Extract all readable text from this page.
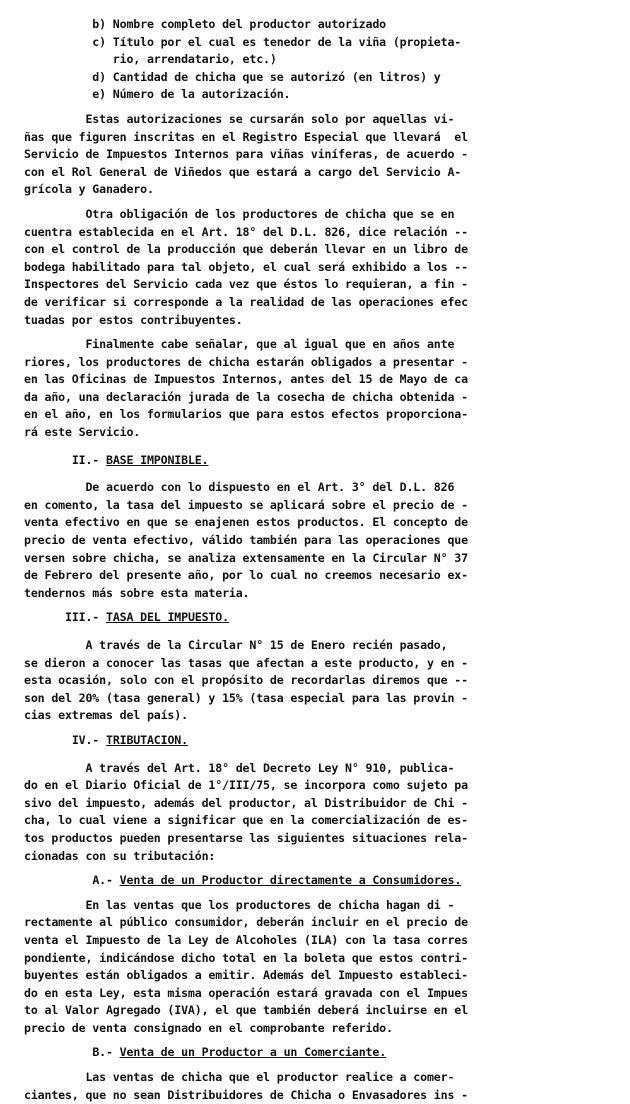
b) Nombre completo del productor autorizado
c) Título por el cual es tenedor de la viña (propieta-
rio, arrendatario, etc.)
d) Cantidad de chicha que se autorizó (en litros) y
e) Número de la autorización.
Estas autorizaciones se cursarán solo por aquellas vi-
ñas que figuren inscritas en el Registro Especial que llevará  el
Servicio de Impuestos Internos para viñas viníferas, de acuerdo -
con el Rol General de Viñedos que estará a cargo del Servicio A-
grícola y Ganadero.
Otra obligación de los productores de chicha que se en
cuentra establecida en el Art. 18° del D.L. 826, dice relación --
con el control de la producción que deberán llevar en un libro de
bodega habilitado para tal objeto, el cual será exhibido a los --
Inspectores del Servicio cada vez que éstos lo requieran, a fin -
de verificar si corresponde a la realidad de las operaciones efec
tuadas por estos contribuyentes.
Finalmente cabe señalar, que al igual que en años ante
riores, los productores de chicha estarán obligados a presentar -
en las Oficinas de Impuestos Internos, antes del 15 de Mayo de ca
da año, una declaración jurada de la cosecha de chicha obtenida -
en el año, en los formularios que para estos efectos proporciona-
rá este Servicio.
II.- BASE IMPONIBLE.
De acuerdo con lo dispuesto en el Art. 3° del D.L. 826
en comento, la tasa del impuesto se aplicará sobre el precio de -
venta efectivo en que se enajenen estos productos. El concepto de
precio de venta efectivo, válido también para las operaciones que
versen sobre chicha, se analiza extensamente en la Circular N° 37
de Febrero del presente año, por lo cual no creemos necesario ex-
tendernos más sobre esta materia.
III.- TASA DEL IMPUESTO.
A través de la Circular N° 15 de Enero recién pasado,
se dieron a conocer las tasas que afectan a este producto, y en -
esta ocasión, solo con el propósito de recordarlas diremos que --
son del 20% (tasa general) y 15% (tasa especial para las provin -
cias extremas del país).
IV.- TRIBUTACION.
A través del Art. 18° del Decreto Ley N° 910, publica-
do en el Diario Oficial de 1°/III/75, se incorpora como sujeto pa
sivo del impuesto, además del productor, al Distribuidor de Chi -
cha, lo cual viene a significar que en la comercialización de es-
tos productos pueden presentarse las siguientes situaciones rela-
cionadas con su tributación:
A.- Venta de un Productor directamente a Consumidores.
En las ventas que los productores de chicha hagan di -
rectamente al público consumidor, deberán incluir en el precio de
venta el Impuesto de la Ley de Alcoholes (ILA) con la tasa corres
pondiente, indicándose dicho total en la boleta que estos contri-
buyentes están obligados a emitir. Además del Impuesto estableci-
do en esta Ley, esta misma operación estará gravada con el Impues
to al Valor Agregado (IVA), el que también deberá incluirse en el
precio de venta consignado en el comprobante referido.
B.- Venta de un Productor a un Comerciante.
Las ventas de chicha que el productor realice a comer-
ciantes, que no sean Distribuidores de Chicha o Envasadores ins -
